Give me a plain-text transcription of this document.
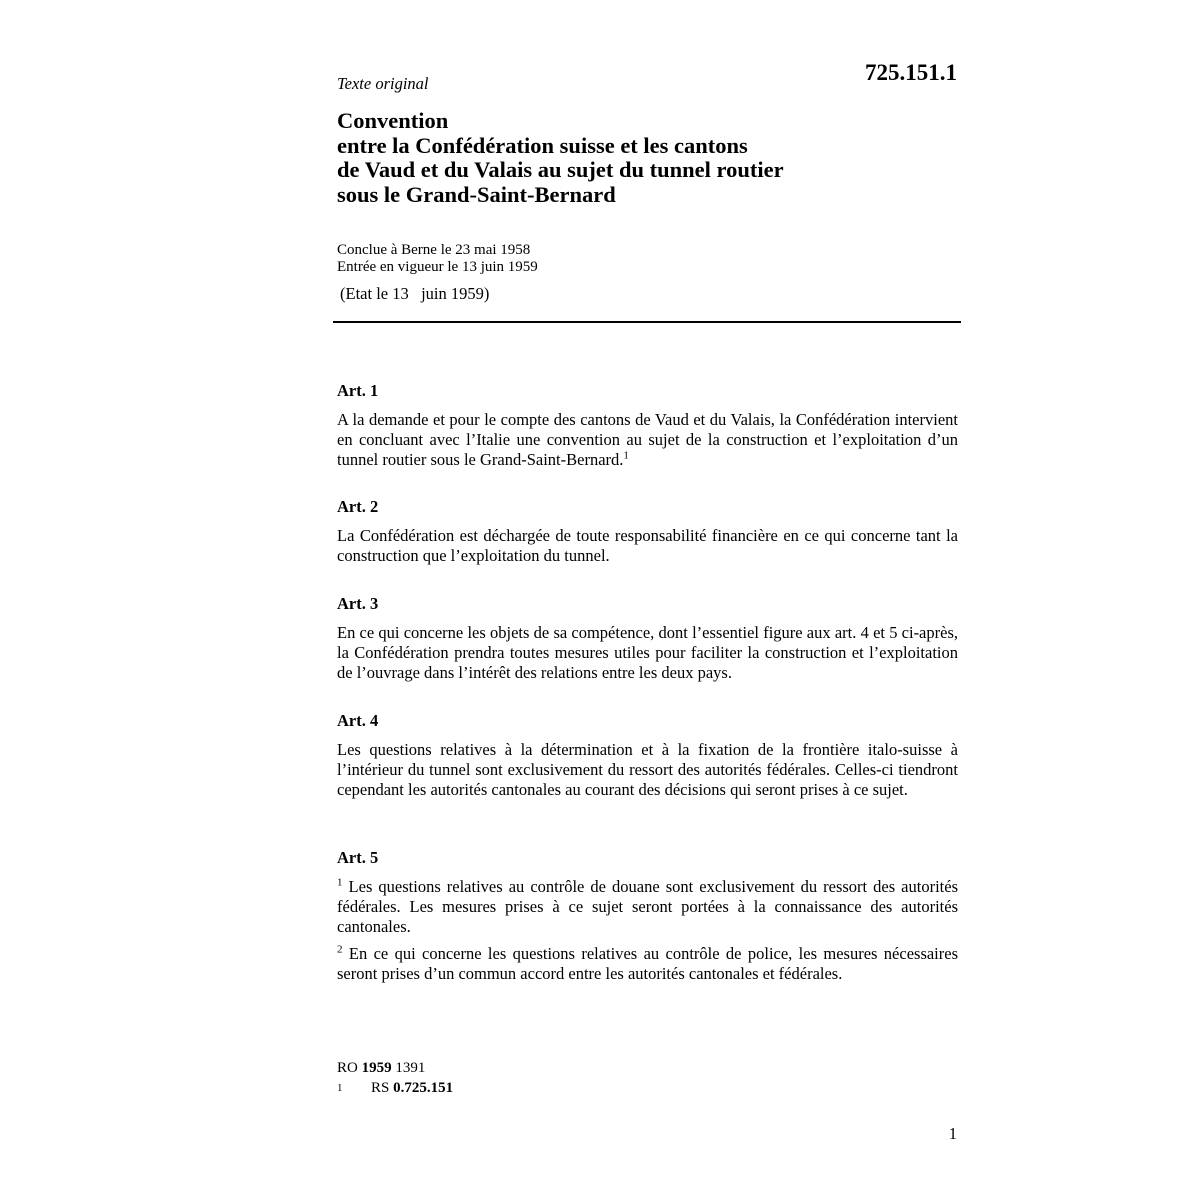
Texte original	725.151.1
Convention
entre la Confédération suisse et les cantons
de Vaud et du Valais au sujet du tunnel routier
sous le Grand-Saint-Bernard
Conclue à Berne le 23 mai 1958
Entrée en vigueur le 13 juin 1959
(Etat le 13   juin 1959)
Art. 1

A la demande et pour le compte des cantons de Vaud et du Valais, la Confédération intervient en concluant avec l’Italie une convention au sujet de la construction et l’exploitation d’un tunnel routier sous le Grand-Saint-Bernard.$^1$

Art. 2

La Confédération est déchargée de toute responsabilité financière en ce qui concerne tant la construction que l’exploitation du tunnel.

Art. 3

En ce qui concerne les objets de sa compétence, dont l’essentiel figure aux art. 4 et 5 ci-après, la Confédération prendra toutes mesures utiles pour faciliter la construction et l’exploitation de l’ouvrage dans l’intérêt des relations entre les deux pays.

Art. 4

Les questions relatives à la détermination et à la fixation de la frontière italo-suisse à l’intérieur du tunnel sont exclusivement du ressort des autorités fédérales. Celles-ci tiendront cependant les autorités cantonales au courant des décisions qui seront prises à ce sujet.

Art. 5

$^1$ Les questions relatives au contrôle de douane sont exclusivement du ressort des autorités fédérales. Les mesures prises à ce sujet seront portées à la connaissance des autorités cantonales.

$^2$ En ce qui concerne les questions relatives au contrôle de police, les mesures nécessaires seront prises d’un commun accord entre les autorités cantonales et fédérales.

RO 1959 1391
1 RS 0.725.151
1
